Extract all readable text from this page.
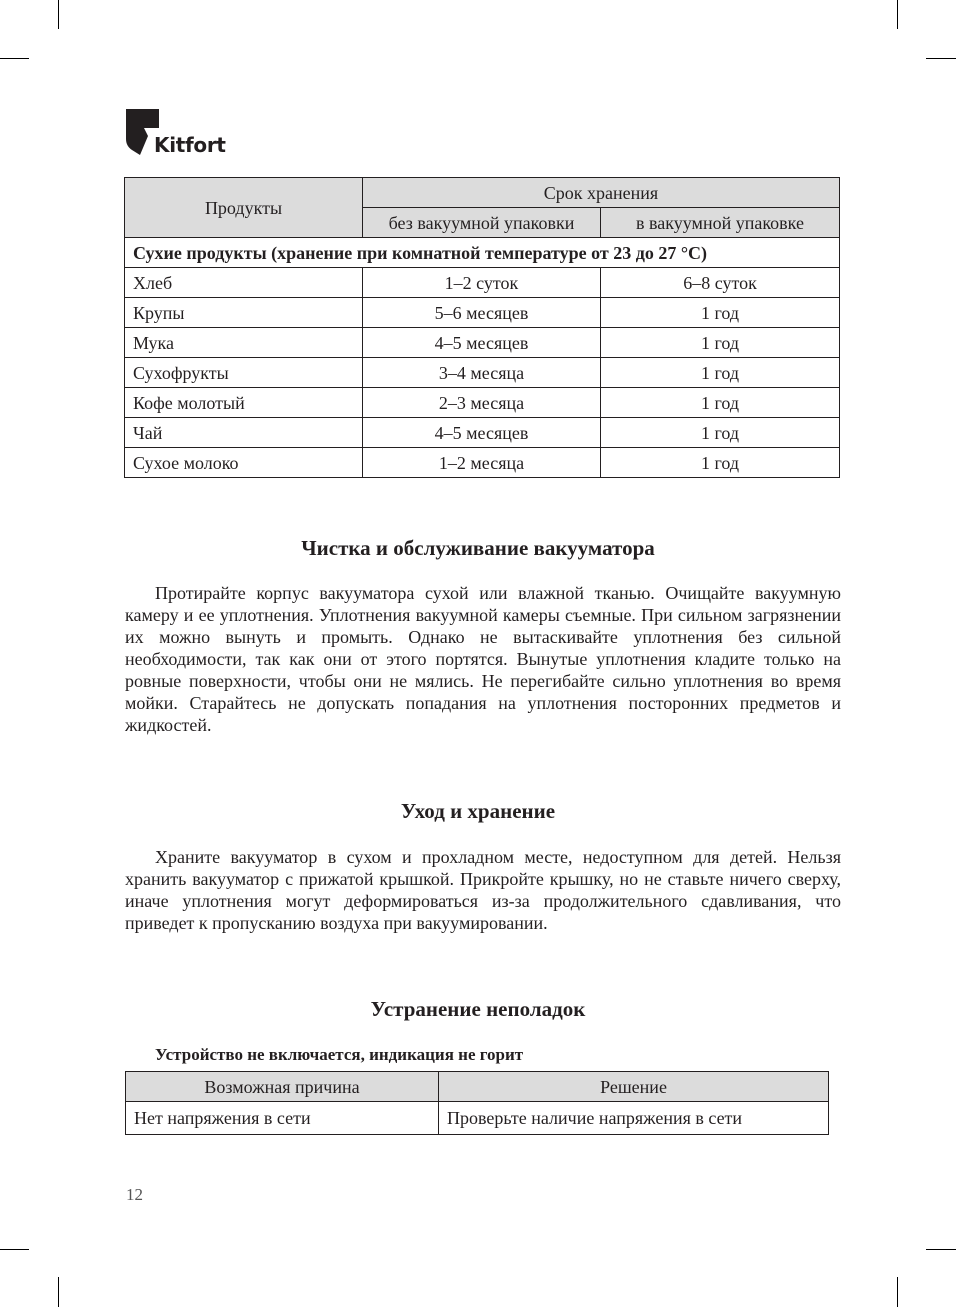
Kitfort
Продукты	Срок хранения	
	без вакуумной упаковки	в вакуумной упаковке
Сухие продукты (хранение при комнатной температуре от 23 до 27 °С)		
Хлеб	1–2 суток	6–8 суток
Крупы	5–6 месяцев	1 год
Мука	4–5 месяцев	1 год
Сухофрукты	3–4 месяца	1 год
Кофе молотый	2–3 месяца	1 год
Чай	4–5 месяцев	1 год
Сухое молоко	1–2 месяца	1 год
Чистка и обслуживание вакууматора

Протирайте корпус вакууматора сухой или влажной тканью. Очищайте вакуумную камеру и ее уплотнения. Уплотнения вакуумной камеры съемные. При сильном загрязнении их можно вынуть и промыть. Однако не вытаскивайте уплотнения без сильной необходимости, так как они от этого портятся. Вынутые уплотнения кладите только на ровные поверхности, чтобы они не мялись. Не перегибайте сильно уплотнения во время мойки. Старайтесь не допускать попадания на уплотнения посторонних предметов и жидкостей.

Уход и хранение

Храните вакууматор в сухом и прохладном месте, недоступном для детей. Нельзя хранить вакууматор с прижатой крышкой. Прикройте крышку, но не ставьте ничего сверху, иначе уплотнения могут деформироваться из-за продолжительного сдавливания, что приведет к пропусканию воздуха при вакуумировании.

Устранение неполадок

Устройство не включается, индикация не горит

Возможная причина	Решение
Нет напряжения в сети	Проверьте наличие напряжения в сети
12
